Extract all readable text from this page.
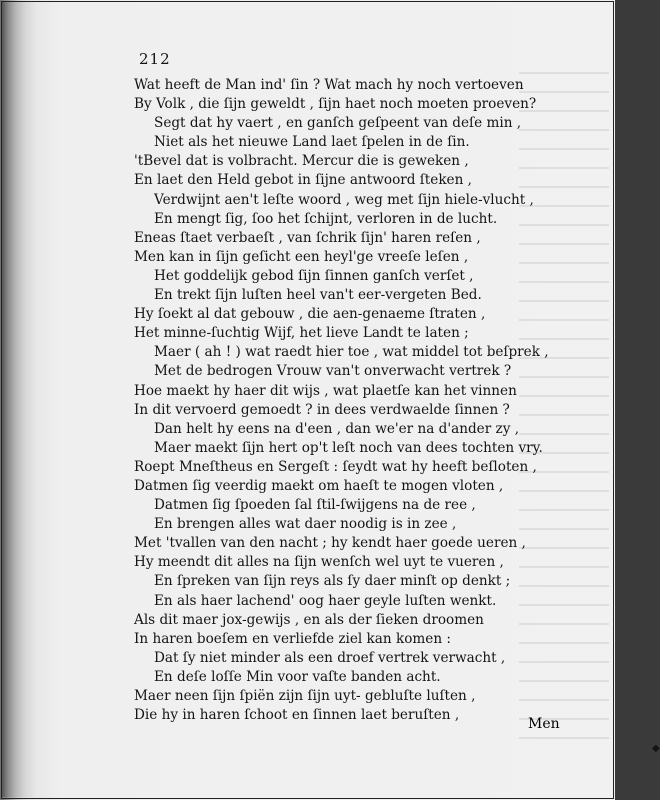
212
Wat heeft de Man ind' ſin ? Wat mach hy noch vertoeven
By Volk , die ſijn geweldt , ſijn haet noch moeten proeven?
Segt dat hy vaert , en ganſch geſpeent van deſe min ,
Niet als het nieuwe Land laet ſpelen in de ſin.
'tBevel dat is volbracht. Mercur die is geweken ,
En laet den Held gebot in ſijne antwoord ſteken ,
Verdwijnt aen't leſte woord , weg met ſijn hiele-vlucht ,
En mengt ſig, ſoo het ſchijnt, verloren in de lucht.
Eneas ſtaet verbaeſt , van ſchrik ſijn' haren reſen ,
Men kan in ſijn geſicht een heyl'ge vreeſe leſen ,
Het goddelijk gebod ſijn ſinnen ganſch verſet ,
En trekt ſijn luſten heel van't eer-vergeten Bed.
Hy ſoekt al dat gebouw , die aen-genaeme ſtraten ,
Het minne-ſuchtig Wijf, het lieve Landt te laten ;
Maer ( ah ! ) wat raedt hier toe , wat middel tot beſprek ,
Met de bedrogen Vrouw van't onverwacht vertrek ?
Hoe maekt hy haer dit wijs , wat plaetſe kan het vinnen
In dit vervoerd gemoedt ? in dees verdwaelde ſinnen ?
Dan helt hy eens na d'een , dan we'er na d'ander zy ,
Maer maekt ſijn hert op't leſt noch van dees tochten vry.
Roept Mneſtheus en Sergeſt : ſeydt wat hy heeft beſloten ,
Datmen ſig veerdig maekt om haeſt te mogen vloten ,
Datmen ſig ſpoeden ſal ſtil-ſwijgens na de ree ,
En brengen alles wat daer noodig is in zee ,
Met 'tvallen van den nacht ; hy kendt haer goede ueren ,
Hy meendt dit alles na ſijn wenſch wel uyt te vueren ,
En ſpreken van ſijn reys als ſy daer minſt op denkt ;
En als haer lachend' oog haer geyle luſten wenkt.
Als dit maer jox-gewijs , en als der ſieken droomen
In haren boeſem en verliefde ziel kan komen :
Dat ſy niet minder als een droef vertrek verwacht ,
En deſe loſſe Min voor vaſte banden acht.
Maer neen ſijn ſpiën zijn ſijn uyt- gebluſte luſten ,
Die hy in haren ſchoot en ſinnen laet beruſten ,
◆
Men
